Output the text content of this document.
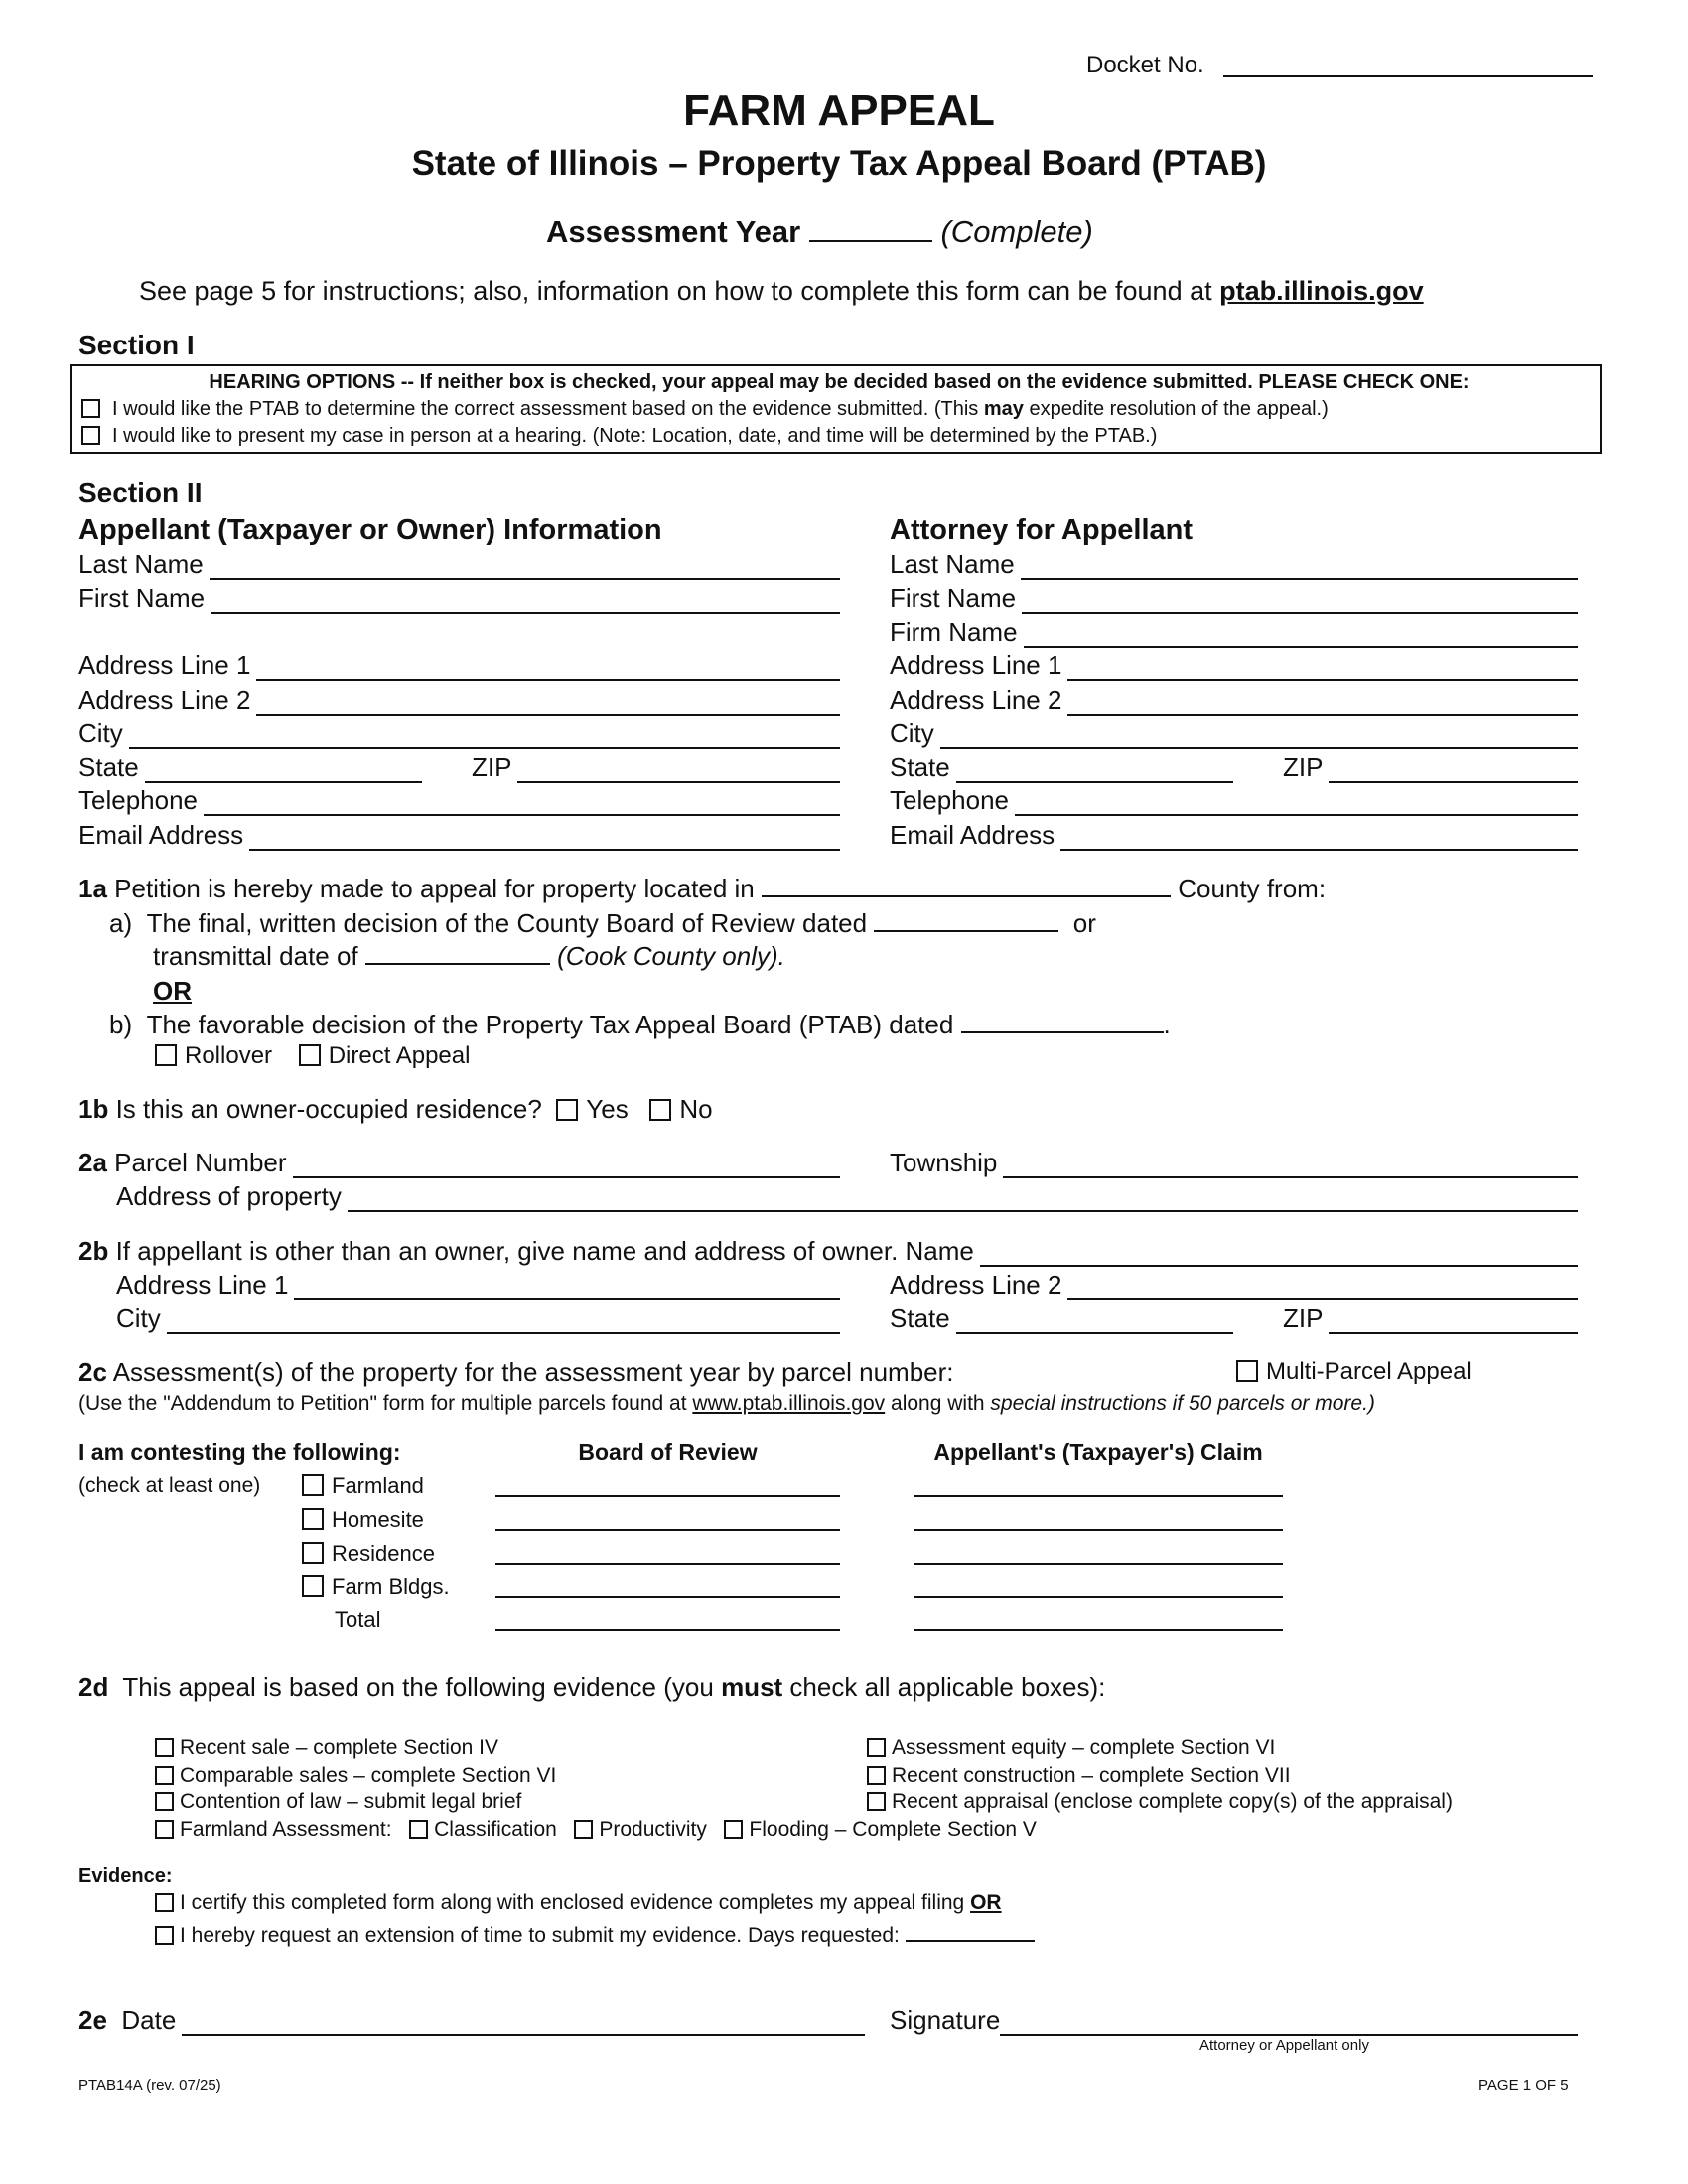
Docket No.
FARM APPEAL
State of Illinois – Property Tax Appeal Board (PTAB)
Assessment Year	(Complete)
See page 5 for instructions; also, information on how to complete this form can be found at ptab.illinois.gov
Section I
HEARING OPTIONS -- If neither box is checked, your appeal may be decided based on the evidence submitted. PLEASE CHECK ONE:
I would like the PTAB to determine the correct assessment based on the evidence submitted. (This may expedite resolution of the appeal.)
I would like to present my case in person at a hearing. (Note: Location, date, and time will be determined by the PTAB.)
Section II
Appellant (Taxpayer or Owner) Information	Attorney for Appellant
Last Name
First Name
Address Line 1
Address Line 2
City
State	ZIP
Telephone
Email Address
Last Name
First Name
Firm Name
Address Line 1
Address Line 2
City
State	ZIP
Telephone
Email Address
1a Petition is hereby made to appeal for property located in	County from:
a) The final, written decision of the County Board of Review dated	or
transmittal date of	(Cook County only).
OR
b) The favorable decision of the Property Tax Appeal Board (PTAB) dated	.
Rollover Direct Appeal
1b Is this an owner-occupied residence? Yes No
2a
Parcel Number	Township
Address of property
2b
If appellant is other than an owner, give name and address of owner. Name
Address Line 1	Address Line 2
City	State	ZIP
2c Assessment(s) of the property for the assessment year by parcel number:	Multi-Parcel Appeal
(Use the "Addendum to Petition" form for multiple parcels found at www.ptab.illinois.gov along with special instructions if 50 parcels or more.)
I am contesting the following:	Board of Review	Appellant's (Taxpayer's) Claim
(check at least one)	Farmland
Homesite
Residence
Farm Bldgs.
Total
2d This appeal is based on the following evidence (you must check all applicable boxes):
Recent sale – complete Section IV
Comparable sales – complete Section VI
Contention of law – submit legal brief
Farmland Assessment: Classification Productivity Flooding – Complete Section V
Assessment equity – complete Section VI
Recent construction – complete Section VII
Recent appraisal (enclose complete copy(s) of the appraisal)
Evidence:
I certify this completed form along with enclosed evidence completes my appeal filing OR
I hereby request an extension of time to submit my evidence. Days requested:
2e
Date	Signature
Attorney or Appellant only
PTAB14A (rev. 07/25)	PAGE 1 OF 5
